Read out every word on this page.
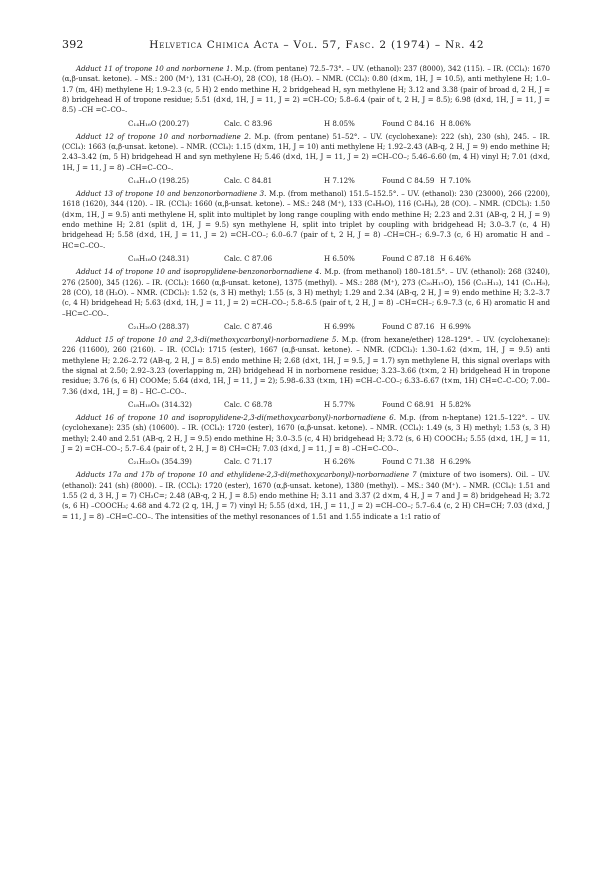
392	Helvetica Chimica Acta – Vol. 57, Fasc. 2 (1974) – Nr. 42

Adduct 11 of tropone 10 and norbornene 1. M.p. (from pentane) 72.5–73°. – UV. (ethanol): 237 (8000), 342 (115). – IR. (CCl₄): 1670 (α,β-unsat. ketone). – MS.: 200 (M⁺), 131 (C₉H₇O), 28 (CO), 18 (H₂O). – NMR. (CCl₄): 0.80 (d×m, 1H, J = 10.5), anti methylene H; 1.0–1.7 (m, 4H) methylene H; 1.9–2.3 (c, 5 H) 2 endo methine H, 2 bridgehead H, syn methylene H; 3.12 and 3.38 (pair of broad d, 2 H, J = 8) bridgehead H of tropone residue; 5.51 (d×d, 1H, J = 11, J = 2) =CH–CO; 5.8–6.4 (pair of t, 2 H, J = 8.5); 6.98 (d×d, 1H, J = 11, J = 8.5) –CH =C–CO–.

C₁₄H₁₆O (200.27)	Calc. C 83.96	H 8.05%	Found C 84.16 H 8.06%

Adduct 12 of tropone 10 and norbornadiene 2. M.p. (from pentane) 51–52°. – UV. (cyclohexane): 222 (sh), 230 (sh), 245. – IR. (CCl₄): 1663 (α,β-unsat. ketone). – NMR. (CCl₄): 1.15 (d×m, 1H, J = 10) anti methylene H; 1.92–2.43 (AB-q, 2 H, J = 9) endo methine H; 2.43–3.42 (m, 5 H) bridgehead H and syn methylene H; 5.46 (d×d, 1H, J = 11, J = 2) =CH–CO–; 5.46–6.60 (m, 4 H) vinyl H; 7.01 (d×d, 1H, J = 11, J = 8) –CH=C–CO–.

C₁₄H₁₄O (198.25)	Calc. C 84.81	H 7.12%	Found C 84.59 H 7.10%

Adduct 13 of tropone 10 and benzonorbornadiene 3. M.p. (from methanol) 151.5–152.5°. – UV. (ethanol): 230 (23000), 266 (2200), 1618 (1620), 344 (120). – IR. (CCl₄): 1660 (α,β-unsat. ketone). – MS.: 248 (M⁺), 133 (C₉H₉O), 116 (C₉H₈), 28 (CO). – NMR. (CDCl₃): 1.50 (d×m, 1H, J = 9.5) anti methylene H, split into multiplet by long range coupling with endo methine H; 2.23 and 2.31 (AB-q, 2 H, J = 9) endo methine H; 2.81 (split d, 1H, J = 9.5) syn methylene H, split into triplet by coupling with bridgehead H; 3.0–3.7 (c, 4 H) bridgehead H; 5.58 (d×d, 1H, J = 11, J = 2) =CH–CO–; 6.0–6.7 (pair of t, 2 H, J = 8) –CH=CH–; 6.9–7.3 (c, 6 H) aromatic H and –HC=C–CO–.

C₁₈H₁₆O (248.31)	Calc. C 87.06	H 6.50%	Found C 87.18 H 6.46%

Adduct 14 of tropone 10 and isopropylidene-benzonorbornadiene 4. M.p. (from methanol) 180–181.5°. – UV. (ethanol): 268 (3240), 276 (2500), 345 (126). – IR. (CCl₄): 1660 (α,β-unsat. ketone), 1375 (methyl). – MS.: 288 (M⁺), 273 (C₂₀H₁₇O), 156 (C₁₂H₁₂), 141 (C₁₁H₉), 28 (CO), 18 (H₂O). – NMR. (CDCl₃): 1.52 (s, 3 H) methyl; 1.55 (s, 3 H) methyl; 1.29 and 2.34 (AB-q, 2 H, J = 9) endo methine H; 3.2–3.7 (c, 4 H) bridgehead H; 5.63 (d×d, 1H, J = 11, J = 2) =CH–CO–; 5.8–6.5 (pair of t, 2 H, J = 8) –CH=CH–; 6.9–7.3 (c, 6 H) aromatic H and –HC=C–CO–.

C₂₁H₂₀O (288.37)	Calc. C 87.46	H 6.99%	Found C 87.16 H 6.99%

Adduct 15 of tropone 10 and 2,3-di(methoxycarbonyl)-norbornadiene 5. M.p. (from hexane/ether) 128–129°. – UV. (cyclohexane): 226 (11600), 260 (2160). – IR. (CCl₄): 1715 (ester), 1667 (α,β-unsat. ketone). – NMR. (CDCl₃): 1.30–1.62 (d×m, 1H, J = 9.5) anti methylene H; 2.26–2.72 (AB-q, 2 H, J = 8.5) endo methine H; 2.68 (d×t, 1H, J = 9.5, J = 1.7) syn methylene H, this signal overlaps with the signal at 2.50; 2.92–3.23 (overlapping m, 2H) bridgehead H in norbornene residue; 3.23–3.66 (t×m, 2 H) bridgehead H in tropone residue; 3.76 (s, 6 H) COOMe; 5.64 (d×d, 1H, J = 11, J = 2); 5.98–6.33 (t×m, 1H) =CH–C–CO–; 6.33–6.67 (t×m, 1H) CH=C–C–CO; 7.00–7.36 (d×d, 1H, J = 8) – HC–C–CO–.

C₁₈H₁₈O₅ (314.32)	Calc. C 68.78	H 5.77%	Found C 68.91 H 5.82%

Adduct 16 of tropone 10 and isopropylidene-2,3-di(methoxycarbonyl)-norbornadiene 6. M.p. (from n-heptane) 121.5–122°. – UV. (cyclohexane): 235 (sh) (10600). – IR. (CCl₄): 1720 (ester), 1670 (α,β-unsat. ketone). – NMR. (CCl₄): 1.49 (s, 3 H) methyl; 1.53 (s, 3 H) methyl; 2.40 and 2.51 (AB-q, 2 H, J = 9.5) endo methine H; 3.0–3.5 (c, 4 H) bridgehead H; 3.72 (s, 6 H) COOCH₃; 5.55 (d×d, 1H, J = 11, J = 2) =CH–CO–; 5.7–6.4 (pair of t, 2 H, J = 8) CH=CH; 7.03 (d×d, J = 11, J = 8) –CH=C–CO–.

C₂₁H₂₂O₅ (354.39)	Calc. C 71.17	H 6.26%	Found C 71.38 H 6.29%

Adducts 17a and 17b of tropone 10 and ethylidene-2,3-di(methoxycarbonyl)-norbornadiene 7 (mixture of two isomers). Oil. – UV. (ethanol): 241 (sh) (8000). – IR. (CCl₄): 1720 (ester), 1670 (α,β-unsat. ketone), 1380 (methyl). – MS.: 340 (M⁺). – NMR. (CCl₄): 1.51 and 1.55 (2 d, 3 H, J = 7) CH₃C=; 2.48 (AB-q, 2 H, J = 8.5) endo methine H; 3.11 and 3.37 (2 d×m, 4 H, J = 7 and J = 8) bridgehead H; 3.72 (s, 6 H) –COOCH₃; 4.68 and 4.72 (2 q, 1H, J = 7) vinyl H; 5.55 (d×d, 1H, J = 11, J = 2) =CH–CO–; 5.7–6.4 (c, 2 H) CH=CH; 7.03 (d×d, J = 11, J = 8) –CH=C–CO–. The intensities of the methyl resonances of 1.51 and 1.55 indicate a 1:1 ratio of
